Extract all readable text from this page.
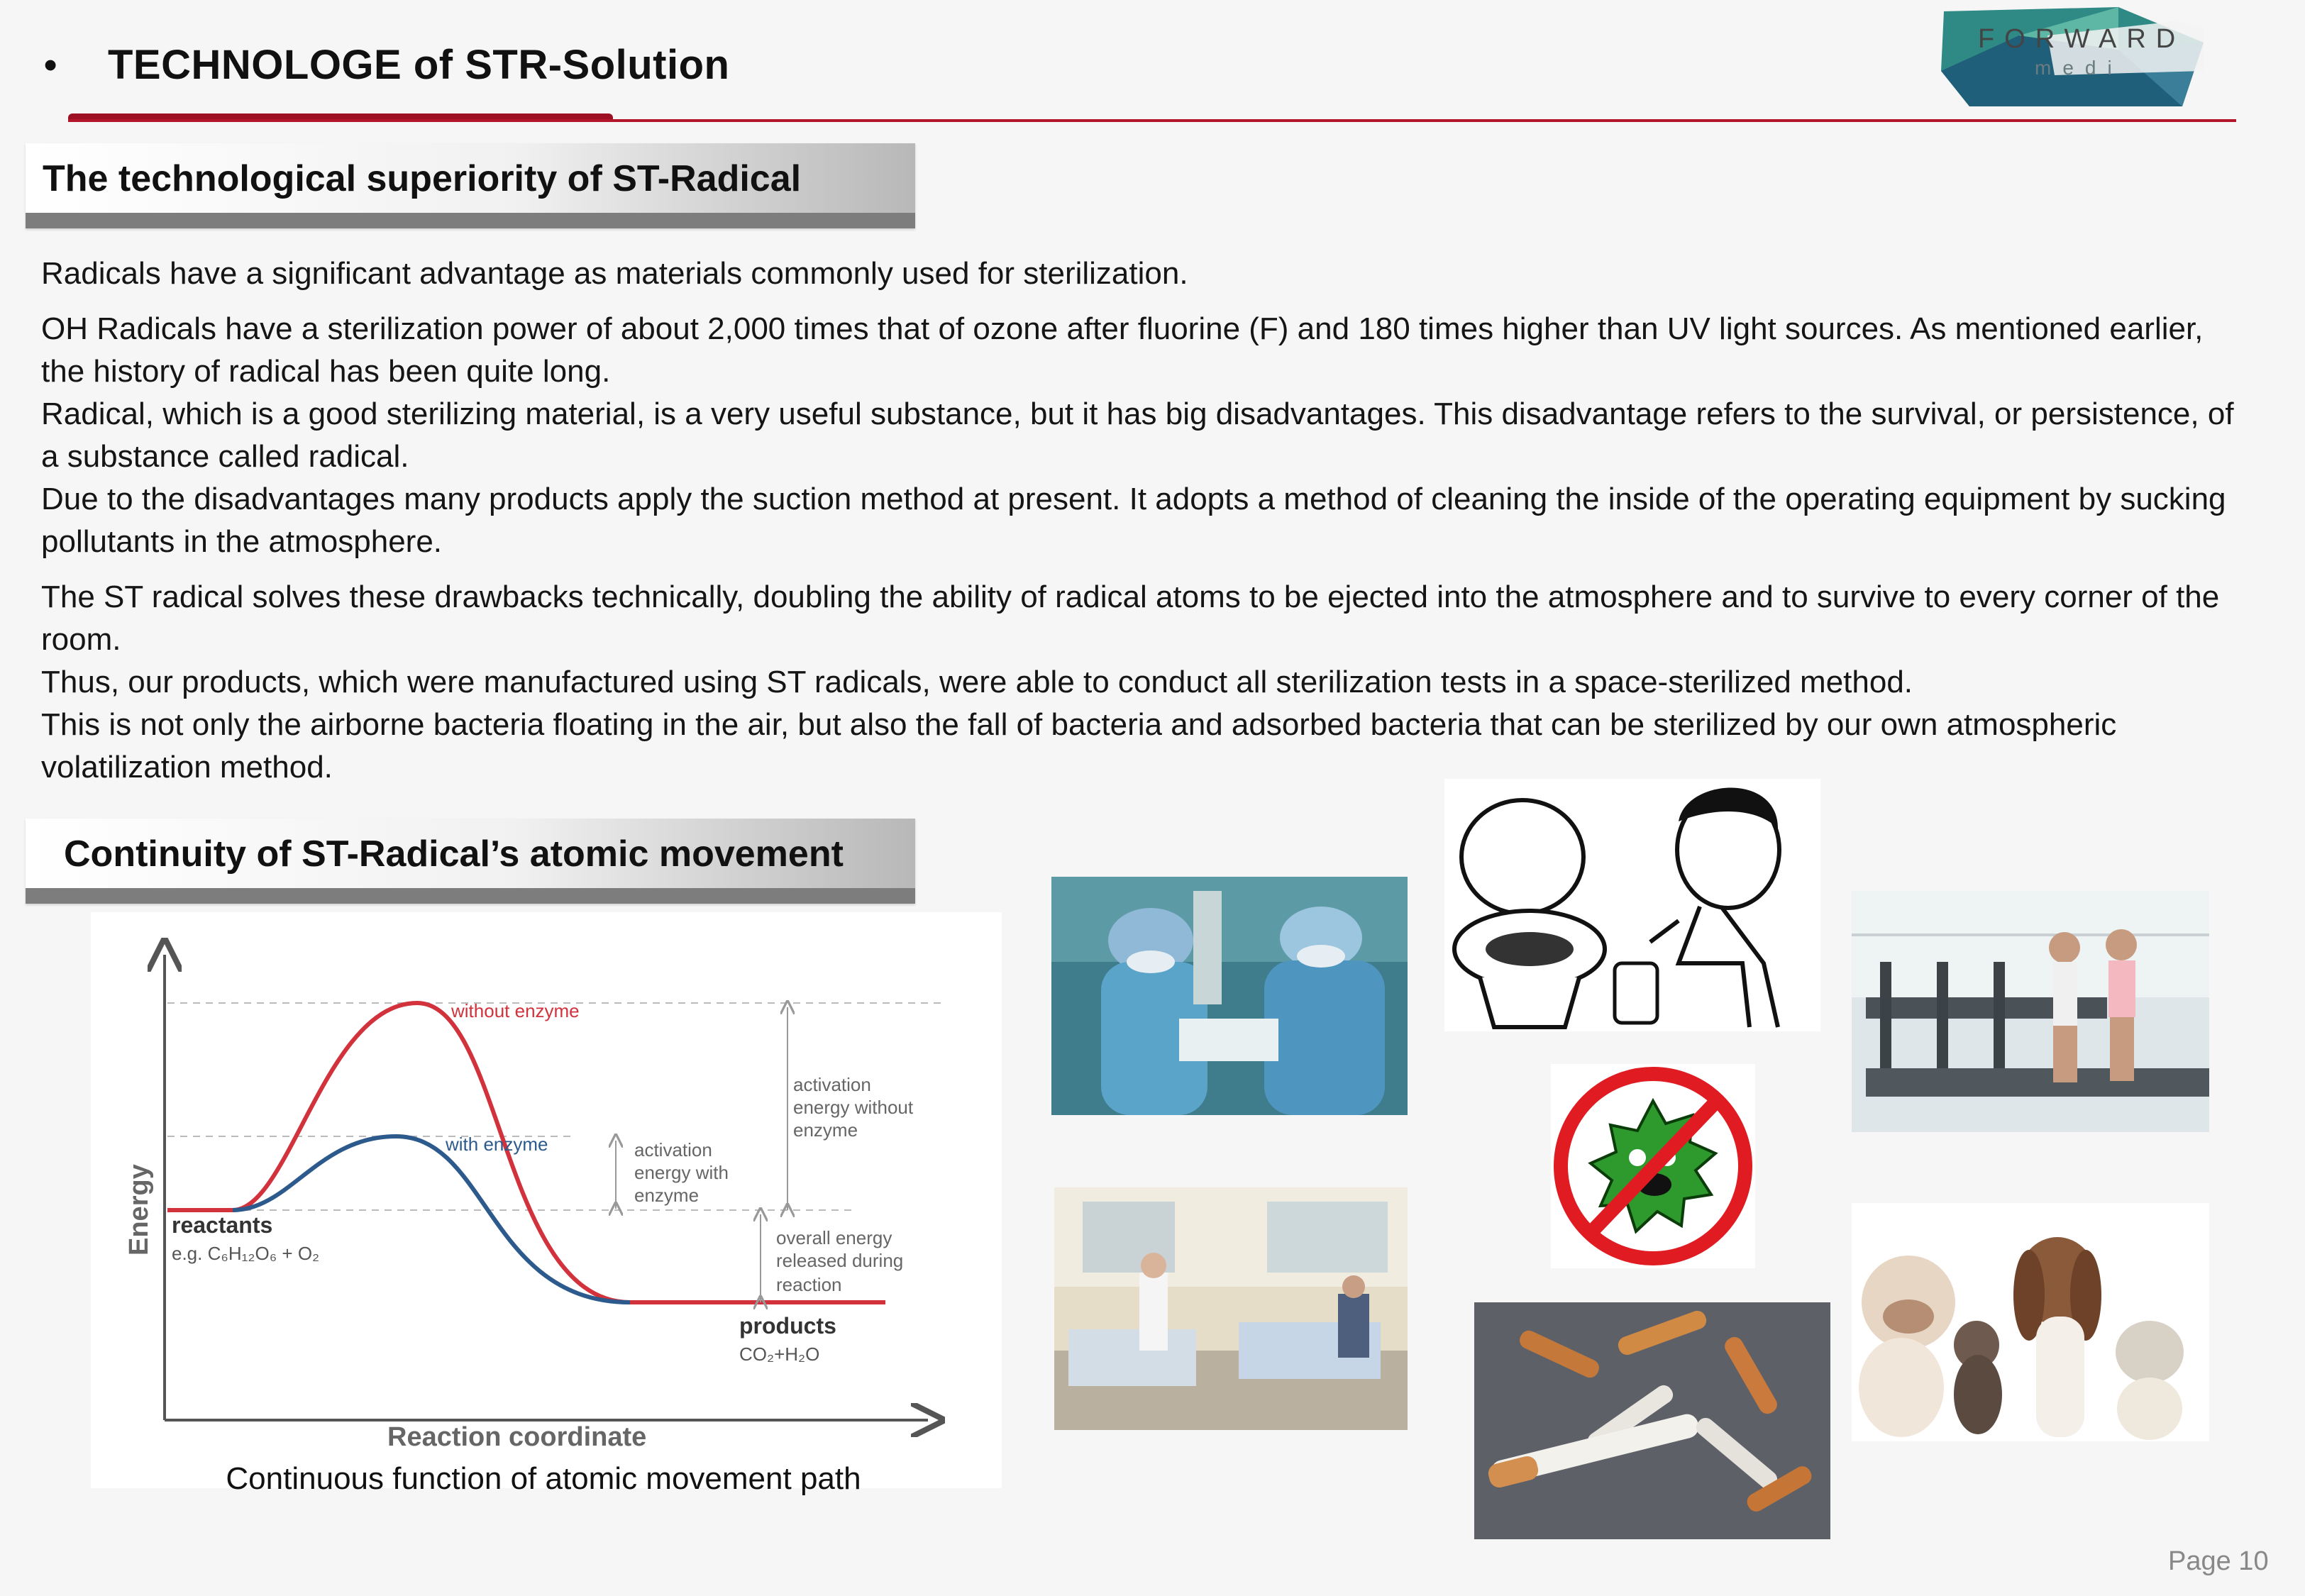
• TECHNOLOGE of STR-Solution
FORWARD
medi
The technological superiority of ST-Radical

Radicals have a significant advantage as materials commonly used for sterilization.

OH Radicals have a sterilization power of about 2,000 times that of ozone after fluorine (F) and 180 times higher than UV light sources. As mentioned earlier, the history of radical has been quite long.

Radical, which is a good sterilizing material, is a very useful substance, but it has big disadvantages. This disadvantage refers to the survival, or persistence, of a substance called radical.

Due to the disadvantages many products apply the suction method at present. It adopts a method of cleaning the inside of the operating equipment by sucking pollutants in the atmosphere.

The ST radical solves these drawbacks technically, doubling the ability of radical atoms to be ejected into the atmosphere and to survive to every corner of the room.

Thus, our products, which were manufactured using ST radicals, were able to conduct all sterilization tests in a space-sterilized method.

This is not only the airborne bacteria floating in the air, but also the fall of bacteria and adsorbed bacteria that can be sterilized by our own atmospheric volatilization method.

Continuity of ST-Radical’s atomic movement
without enzyme
with enzyme
activation
energy without
enzyme
activation
energy with
enzyme
overall energy
released during
reaction
reactants
e.g. C₆H₁₂O₆ + O₂
products
CO₂+H₂O
Reaction coordinate
Energy
Continuous function of atomic movement path
Page 10
